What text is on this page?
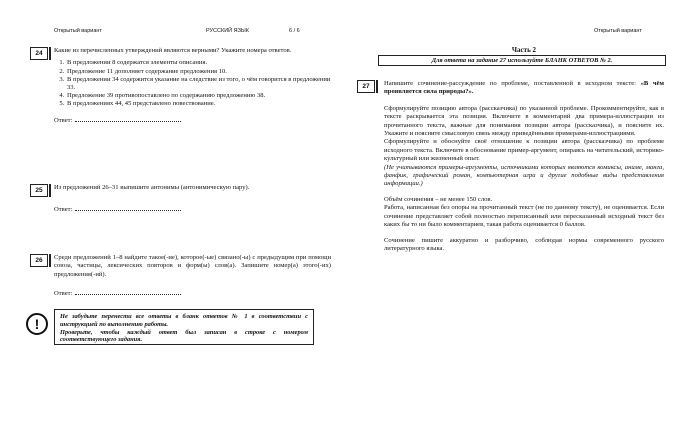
Открытый вариант	РУССКИЙ ЯЗЫК	6 / 6
24	Какие из перечисленных утверждений являются верными? Укажите номера ответов.

1. В предложении 8 содержатся элементы описания.
2. Предложение 11 дополняет содержание предложения 10.
3. В предложении 34 содержится указание на следствие из того, о чём говорится в предложении 33.
4. Предложение 39 противопоставлено по содержанию предложению 38.
5. В предложениях 44, 45 представлено повествование.

Ответ:

25	Из предложений 26–31 выпишите антонимы (антонимическую пару).

Ответ:

26	Среди предложений 1–8 найдите такое(-ие), которое(-ые) связано(-ы) с предыдущим при помощи союза, частицы, лексических повторов и форм(ы) слов(а). Запишите номер(а) этого(-их) предложения(-ий).

Ответ:

!	Не забудьте перенести все ответы в бланк ответов № 1 в соответствии с инструкцией по выполнению работы.

Проверьте, чтобы каждый ответ был записан в строке с номером соответствующего задания.

Открытый вариант
Часть 2
Для ответа на задание 27 используйте БЛАНК ОТВЕТОВ № 2.
27	Напишите сочинение-рассуждение по проблеме, поставленной в исходном тексте: «В чём проявляется сила природы?».

Сформулируйте позицию автора (рассказчика) по указанной проблеме. Прокомментируйте, как в тексте раскрывается эта позиция. Включите в комментарий два примера-иллюстрации из прочитанного текста, важные для понимания позиции автора (рассказчика), и поясните их. Укажите и поясните смысловую связь между приведёнными примерами-иллюстрациями.

Сформулируйте и обоснуйте своё отношение к позиции автора (рассказчика) по проблеме исходного текста. Включите в обоснование пример-аргумент, опираясь на читательский, историко-культурный или жизненный опыт.

(Не учитываются примеры-аргументы, источниками которых являются комиксы, аниме, манга, фанфик, графический роман, компьютерная игра и другие подобные виды представления информации.)

Объём сочинения – не менее 150 слов.

Работа, написанная без опоры на прочитанный текст (не по данному тексту), не оценивается. Если сочинение представляет собой полностью переписанный или пересказанный исходный текст без каких бы то ни было комментариев, такая работа оценивается 0 баллов.

Сочинение пишите аккуратно и разборчиво, соблюдая нормы современного русского литературного языка.
